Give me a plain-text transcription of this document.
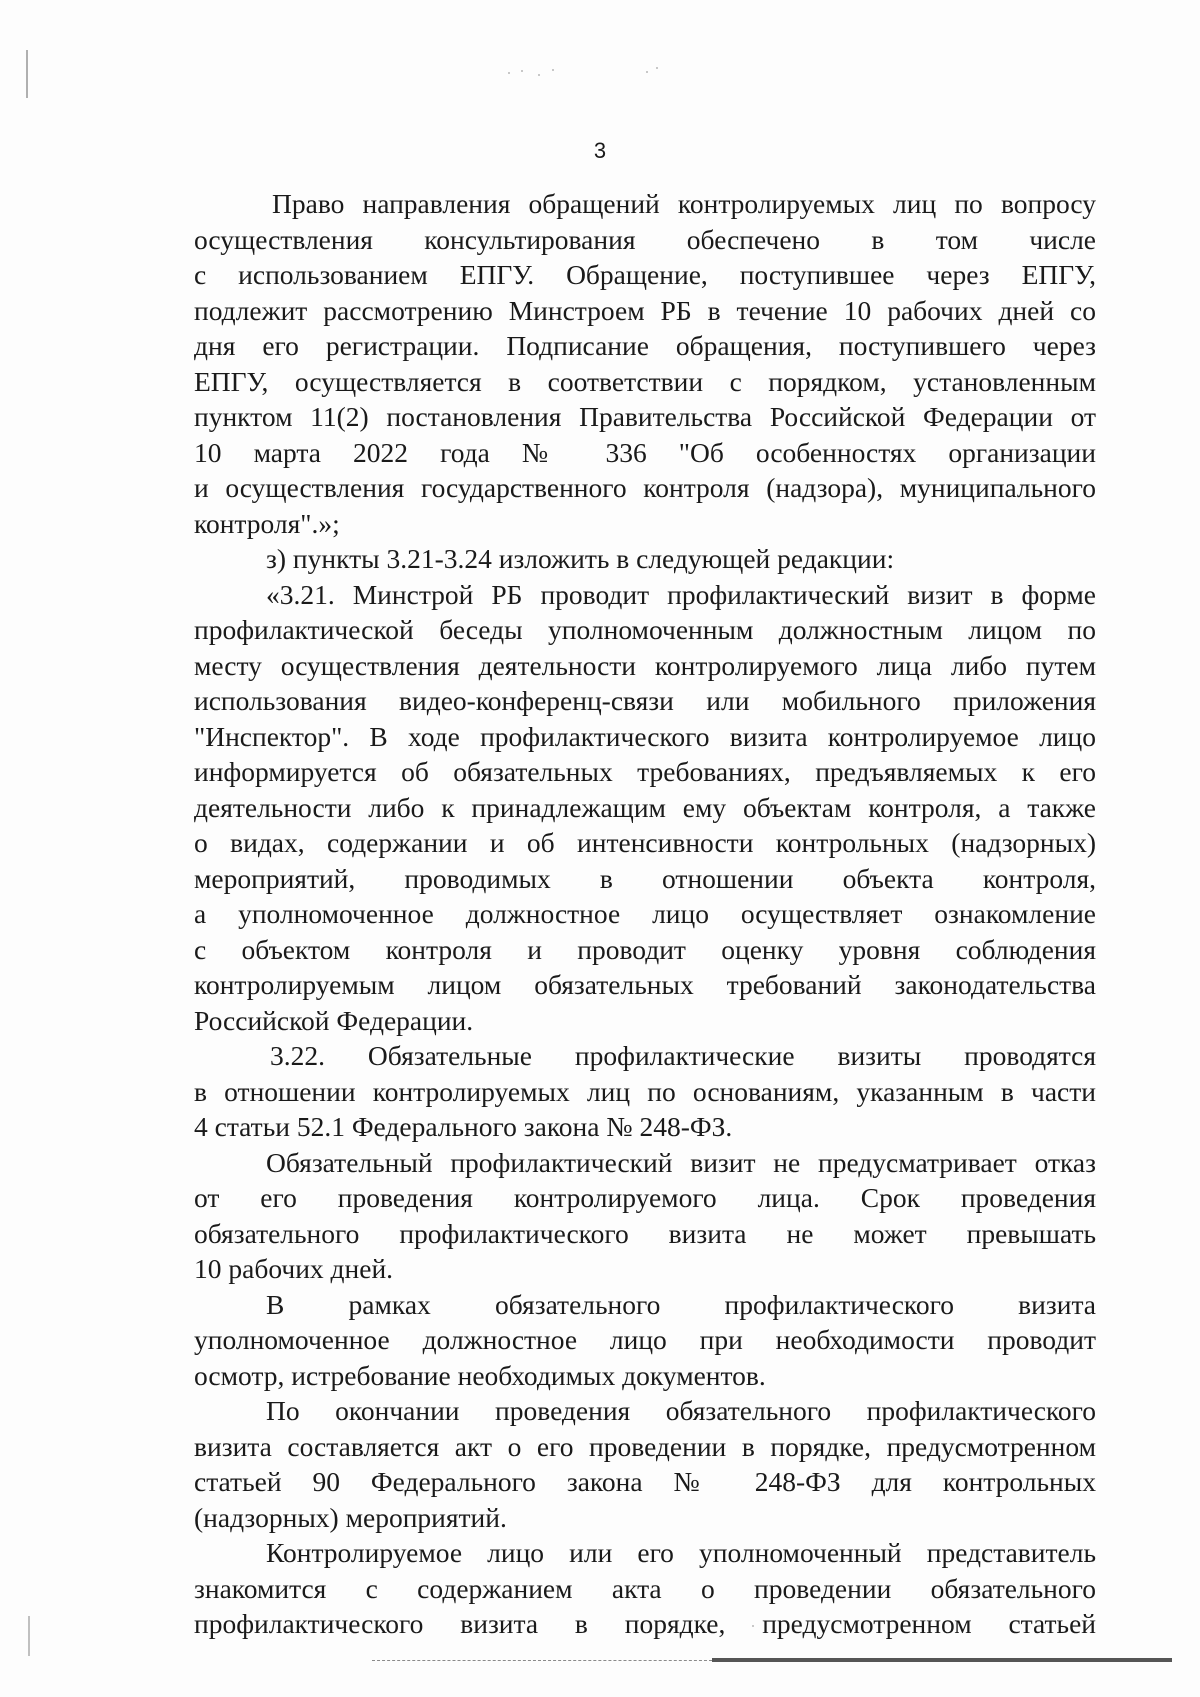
3
Право направления обращений контролируемых лиц по вопросу
осуществления консультирования обеспечено в том числе
с использованием ЕПГУ. Обращение, поступившее через ЕПГУ,
подлежит рассмотрению Минстроем РБ в течение 10 рабочих дней со
дня его регистрации. Подписание обращения, поступившего через
ЕПГУ, осуществляется в соответствии с порядком, установленным
пунктом 11(2) постановления Правительства Российской Федерации от
10 марта 2022 года № 336 "Об особенностях организации
и осуществления государственного контроля (надзора), муниципального
контроля".»;
з) пункты 3.21-3.24 изложить в следующей редакции:
«3.21. Минстрой РБ проводит профилактический визит в форме
профилактической беседы уполномоченным должностным лицом по
месту осуществления деятельности контролируемого лица либо путем
использования видео-конференц-связи или мобильного приложения
"Инспектор". В ходе профилактического визита контролируемое лицо
информируется об обязательных требованиях, предъявляемых к его
деятельности либо к принадлежащим ему объектам контроля, а также
о видах, содержании и об интенсивности контрольных (надзорных)
мероприятий, проводимых в отношении объекта контроля,
а уполномоченное должностное лицо осуществляет ознакомление
с объектом контроля и проводит оценку уровня соблюдения
контролируемым лицом обязательных требований законодательства
Российской Федерации.
3.22. Обязательные профилактические визиты проводятся
в отношении контролируемых лиц по основаниям, указанным в части
4 статьи 52.1 Федерального закона № 248-ФЗ.
Обязательный профилактический визит не предусматривает отказ
от его проведения контролируемого лица. Срок проведения
обязательного профилактического визита не может превышать
10 рабочих дней.
В рамках обязательного профилактического визита
уполномоченное должностное лицо при необходимости проводит
осмотр, истребование необходимых документов.
По окончании проведения обязательного профилактического
визита составляется акт о его проведении в порядке, предусмотренном
статьей 90 Федерального закона № 248-ФЗ для контрольных
(надзорных) мероприятий.
Контролируемое лицо или его уполномоченный представитель
знакомится с содержанием акта о проведении обязательного
профилактического визита в порядке, предусмотренном статьей
